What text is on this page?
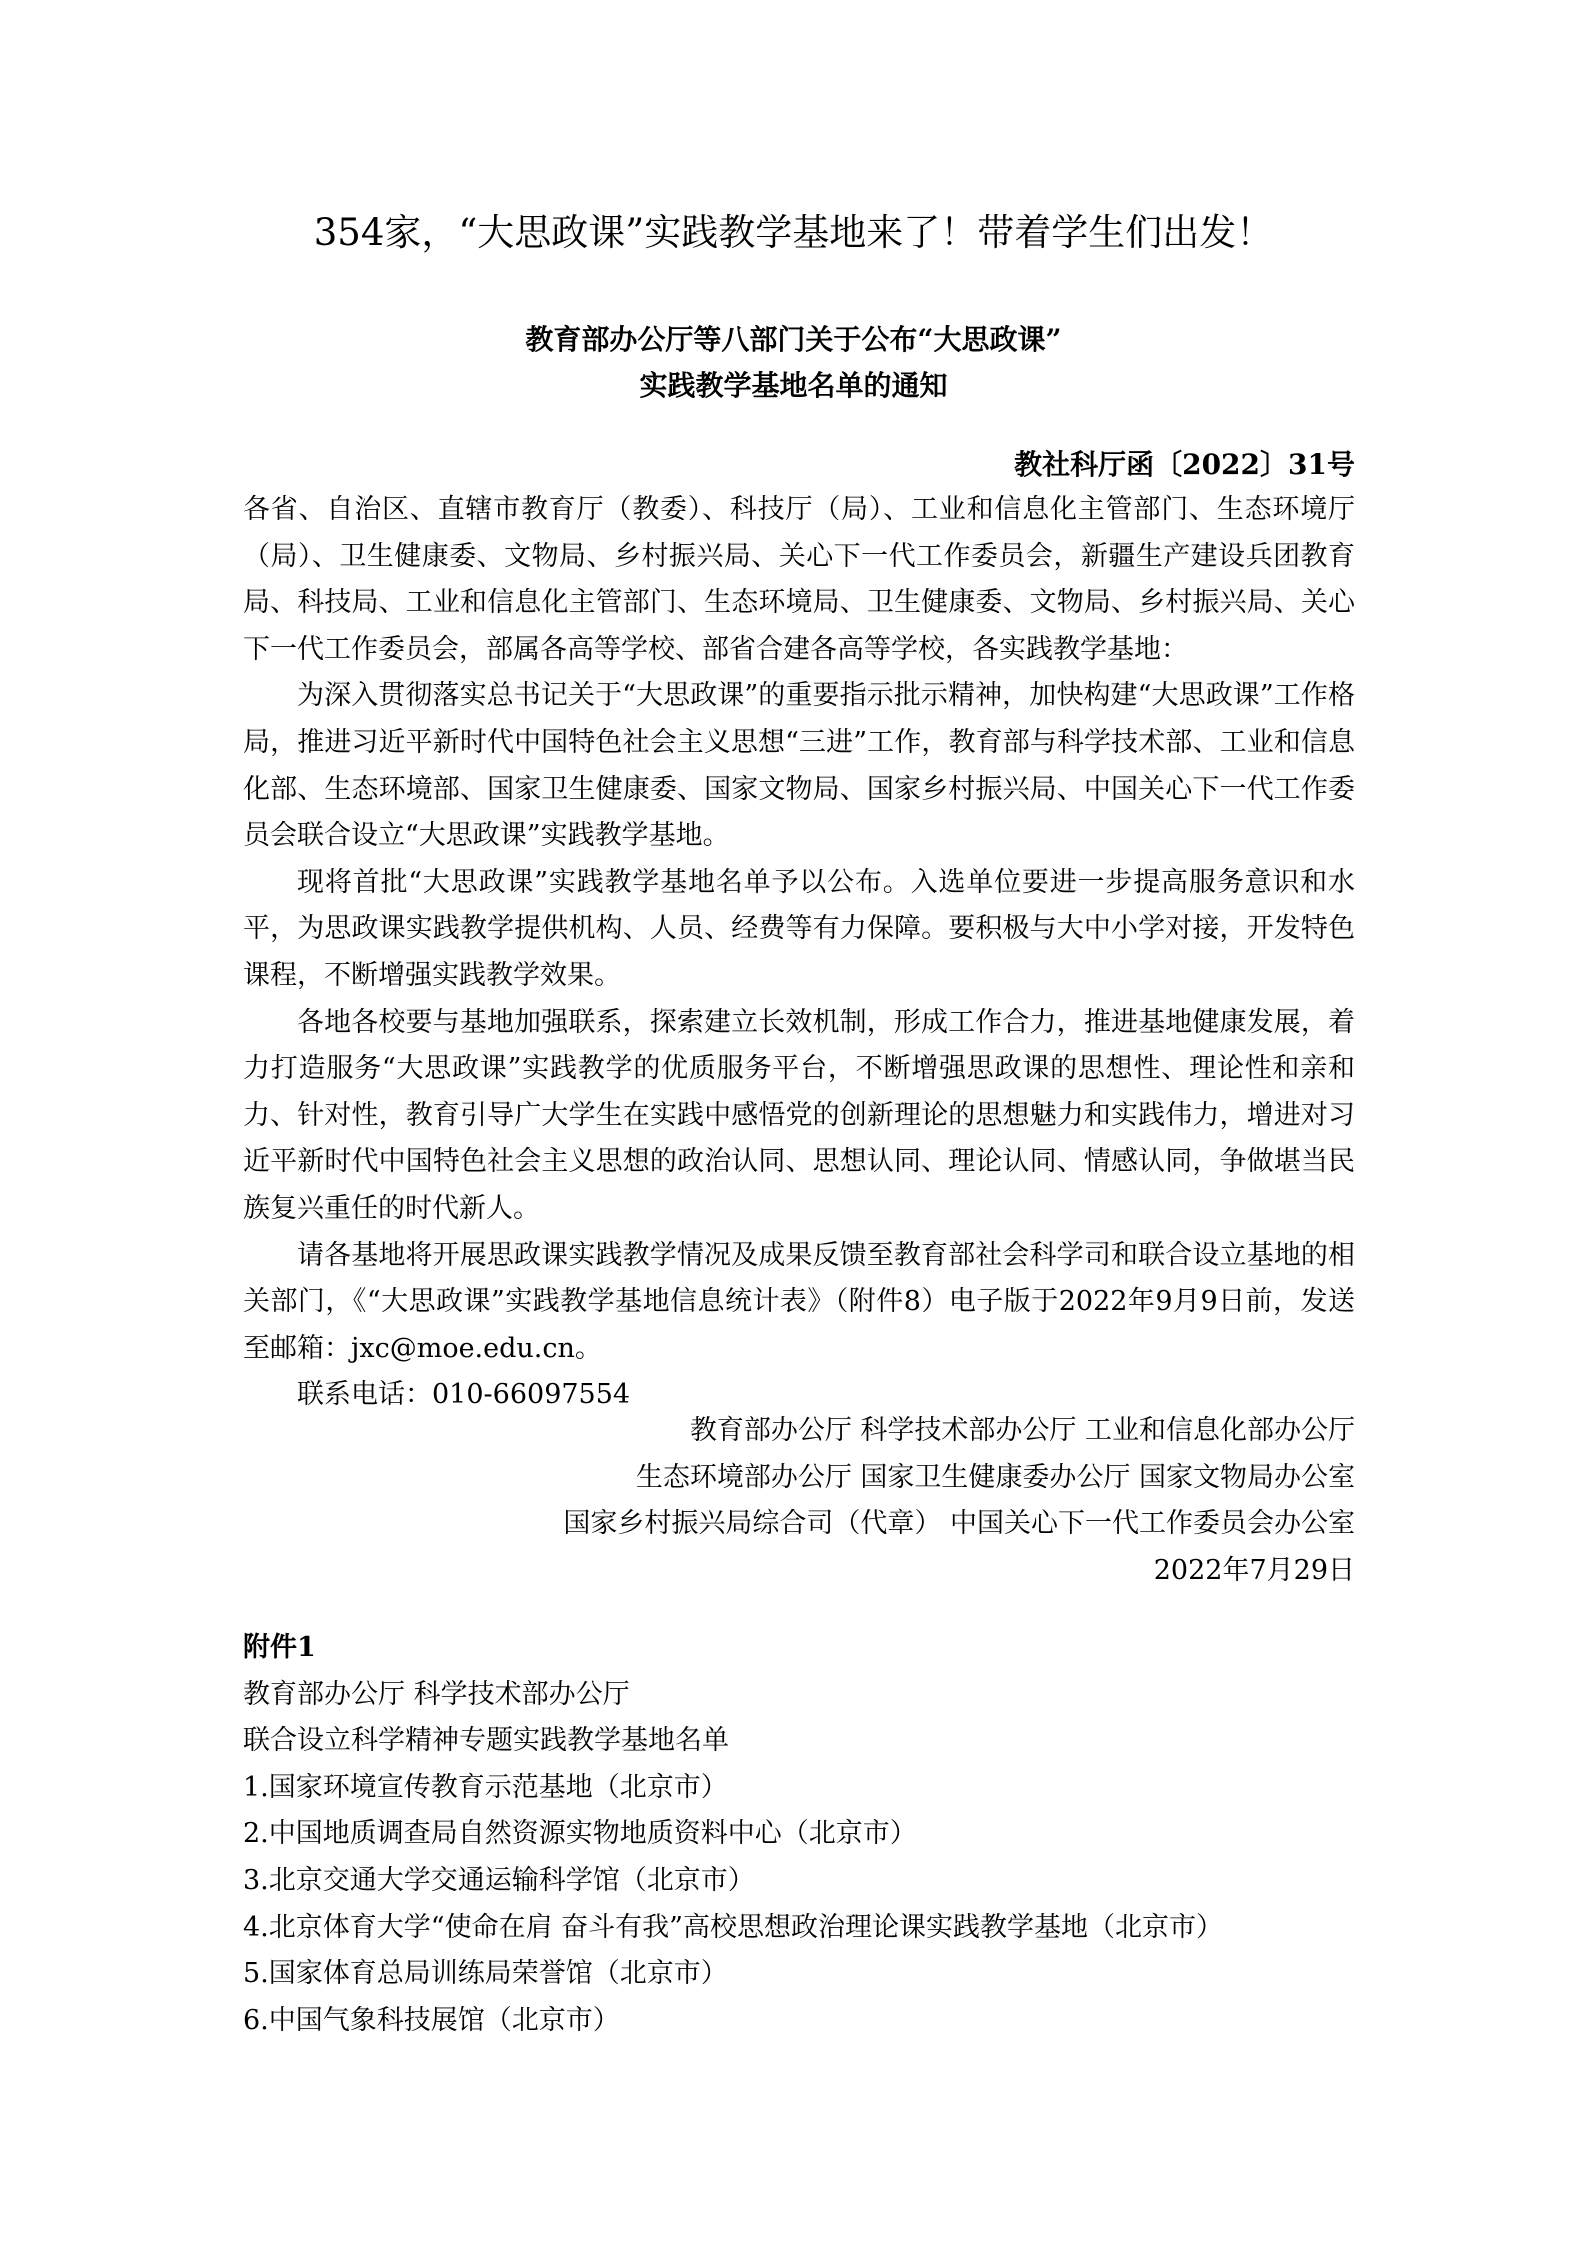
354家，“大思政课”实践教学基地来了！带着学生们出发！
教育部办公厅等八部门关于公布“大思政课”
实践教学基地名单的通知
教社科厅函〔2022〕31号

各省、自治区、直辖市教育厅（教委）、科技厅（局）、工业和信息化主管部门、生态环境厅（局）、卫生健康委、文物局、乡村振兴局、关心下一代工作委员会，新疆生产建设兵团教育局、科技局、工业和信息化主管部门、生态环境局、卫生健康委、文物局、乡村振兴局、关心下一代工作委员会，部属各高等学校、部省合建各高等学校，各实践教学基地：

为深入贯彻落实总书记关于“大思政课”的重要指示批示精神，加快构建“大思政课”工作格局，推进习近平新时代中国特色社会主义思想“三进”工作，教育部与科学技术部、工业和信息化部、生态环境部、国家卫生健康委、国家文物局、国家乡村振兴局、中国关心下一代工作委员会联合设立“大思政课”实践教学基地。

现将首批“大思政课”实践教学基地名单予以公布。入选单位要进一步提高服务意识和水平，为思政课实践教学提供机构、人员、经费等有力保障。要积极与大中小学对接，开发特色课程，不断增强实践教学效果。

各地各校要与基地加强联系，探索建立长效机制，形成工作合力，推进基地健康发展，着力打造服务“大思政课”实践教学的优质服务平台，不断增强思政课的思想性、理论性和亲和力、针对性，教育引导广大学生在实践中感悟党的创新理论的思想魅力和实践伟力，增进对习近平新时代中国特色社会主义思想的政治认同、思想认同、理论认同、情感认同，争做堪当民族复兴重任的时代新人。

请各基地将开展思政课实践教学情况及成果反馈至教育部社会科学司和联合设立基地的相关部门，《“大思政课”实践教学基地信息统计表》（附件8）电子版于2022年9月9日前，发送至邮箱：jxc@moe.edu.cn。

联系电话：010-66097554

教育部办公厅 科学技术部办公厅 工业和信息化部办公厅
生态环境部办公厅 国家卫生健康委办公厅 国家文物局办公室
国家乡村振兴局综合司（代章） 中国关心下一代工作委员会办公室
2022年7月29日

附件1

教育部办公厅 科学技术部办公厅

联合设立科学精神专题实践教学基地名单

1.国家环境宣传教育示范基地（北京市）
2.中国地质调查局自然资源实物地质资料中心（北京市）
3.北京交通大学交通运输科学馆（北京市）
4.北京体育大学“使命在肩 奋斗有我”高校思想政治理论课实践教学基地（北京市）
5.国家体育总局训练局荣誉馆（北京市）
6.中国气象科技展馆（北京市）
